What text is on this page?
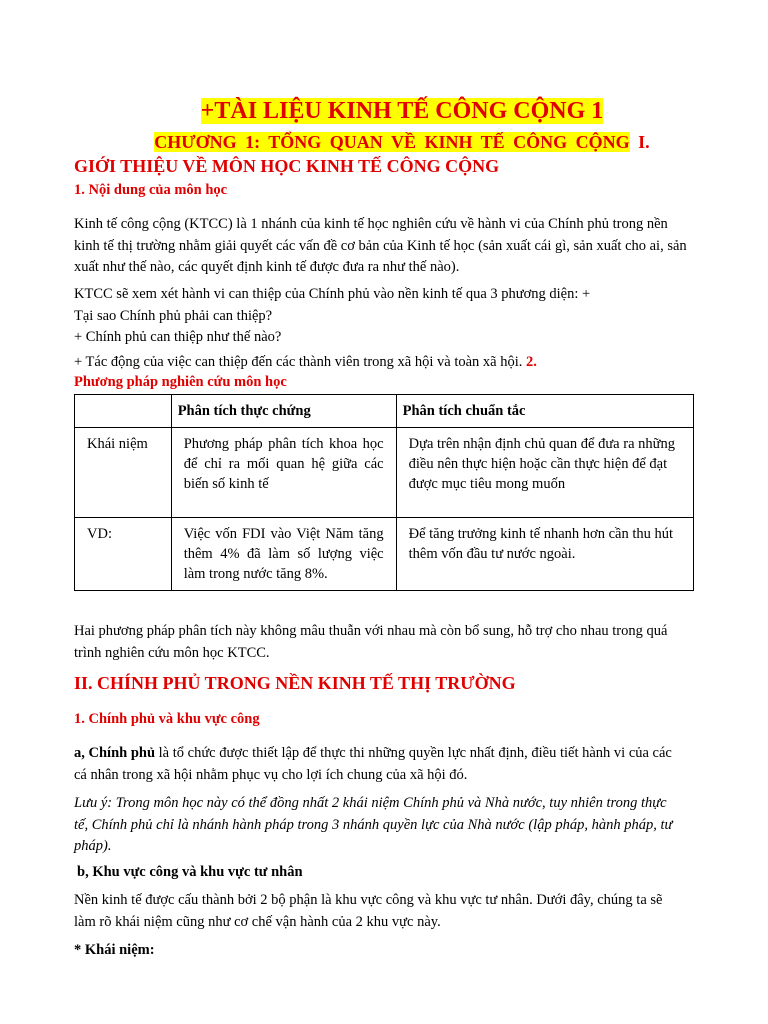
+TÀI LIỆU KINH TẾ CÔNG CỘNG 1
CHƯƠNG 1: TỔNG QUAN VỀ KINH TẾ CÔNG CỘNG I.
GIỚI THIỆU VỀ MÔN HỌC KINH TẾ CÔNG CỘNG
1. Nội dung của môn học
Kinh tế công cộng (KTCC) là 1 nhánh của kinh tế học nghiên cứu về hành vi của Chính phủ trong nền
kinh tế thị trường nhằm giải quyết các vấn đề cơ bản của Kinh tế học (sản xuất cái gì, sản xuất cho ai, sản
xuất như thế nào, các quyết định kinh tế được đưa ra như thế nào).
KTCC sẽ xem xét hành vi can thiệp của Chính phủ vào nền kinh tế qua 3 phương diện: +
Tại sao Chính phủ phải can thiệp?
+ Chính phủ can thiệp như thế nào?
+ Tác động của việc can thiệp đến các thành viên trong xã hội và toàn xã hội. 2.
Phương pháp nghiên cứu môn học
	Phân tích thực chứng	Phân tích chuẩn tắc
Khái niệm	Phương pháp phân tích khoa học để chỉ ra mối quan hệ giữa các biến số kinh tế	Dựa trên nhận định chủ quan để đưa ra những điều nên thực hiện hoặc cần thực hiện để đạt được mục tiêu mong muốn
VD:	Việc vốn FDI vào Việt Năm tăng thêm 4% đã làm số lượng việc làm trong nước tăng 8%.	Để tăng trưởng kinh tế nhanh hơn cần thu hút thêm vốn đầu tư nước ngoài.
Hai phương pháp phân tích này không mâu thuẫn với nhau mà còn bổ sung, hỗ trợ cho nhau trong quá
trình nghiên cứu môn học KTCC.
II. CHÍNH PHỦ TRONG NỀN KINH TẾ THỊ TRƯỜNG
1. Chính phủ và khu vực công
a, Chính phủ là tổ chức được thiết lập để thực thi những quyền lực nhất định, điều tiết hành vi của các
cá nhân trong xã hội nhằm phục vụ cho lợi ích chung của xã hội đó.
Lưu ý: Trong môn học này có thể đồng nhất 2 khái niệm Chính phủ và Nhà nước, tuy nhiên trong thực
tế, Chính phủ chỉ là nhánh hành pháp trong 3 nhánh quyền lực của Nhà nước (lập pháp, hành pháp, tư
pháp).
b, Khu vực công và khu vực tư nhân
Nền kinh tế được cấu thành bởi 2 bộ phận là khu vực công và khu vực tư nhân. Dưới đây, chúng ta sẽ
làm rõ khái niệm cũng như cơ chế vận hành của 2 khu vực này.
* Khái niệm:
